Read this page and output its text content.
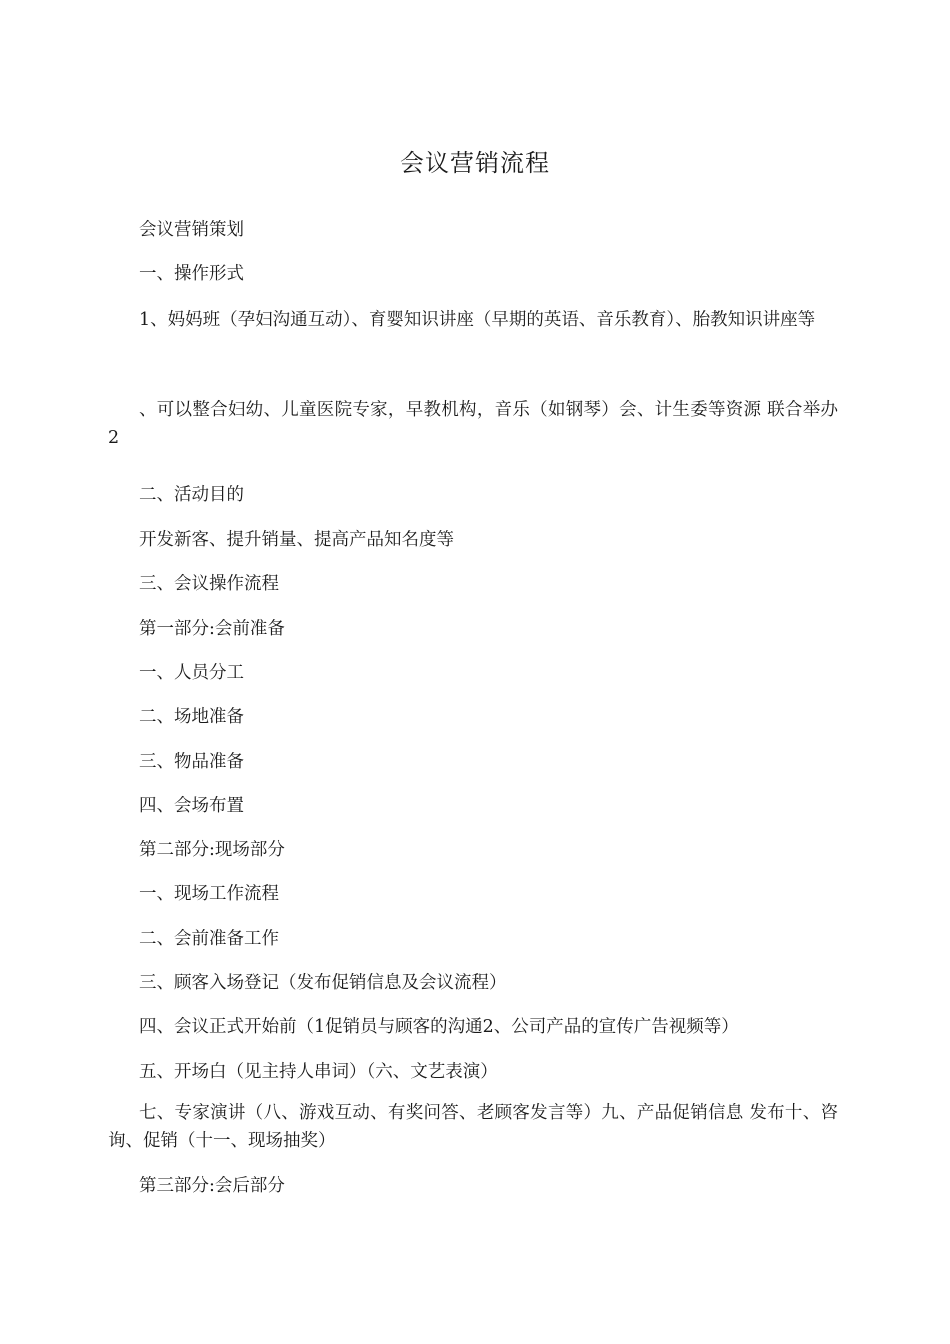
会议营销流程
会议营销策划
一、操作形式
1、妈妈班（孕妇沟通互动）、育婴知识讲座（早期的英语、音乐教育）、胎教知识讲座等
、可以整合妇幼、儿童医院专家，早教机构，音乐（如钢琴）会、计生委等资源 联合举办2
二、活动目的
开发新客、提升销量、提高产品知名度等
三、会议操作流程
第一部分:会前准备
一、人员分工
二、场地准备
三、物品准备
四、会场布置
第二部分:现场部分
一、现场工作流程
二、会前准备工作
三、顾客入场登记（发布促销信息及会议流程）
四、会议正式开始前（1促销员与顾客的沟通2、公司产品的宣传广告视频等）
五、开场白（见主持人串词）（六、文艺表演）
七、专家演讲（八、游戏互动、有奖问答、老顾客发言等）九、产品促销信息 发布十、咨询、促销（十一、现场抽奖）
第三部分:会后部分
